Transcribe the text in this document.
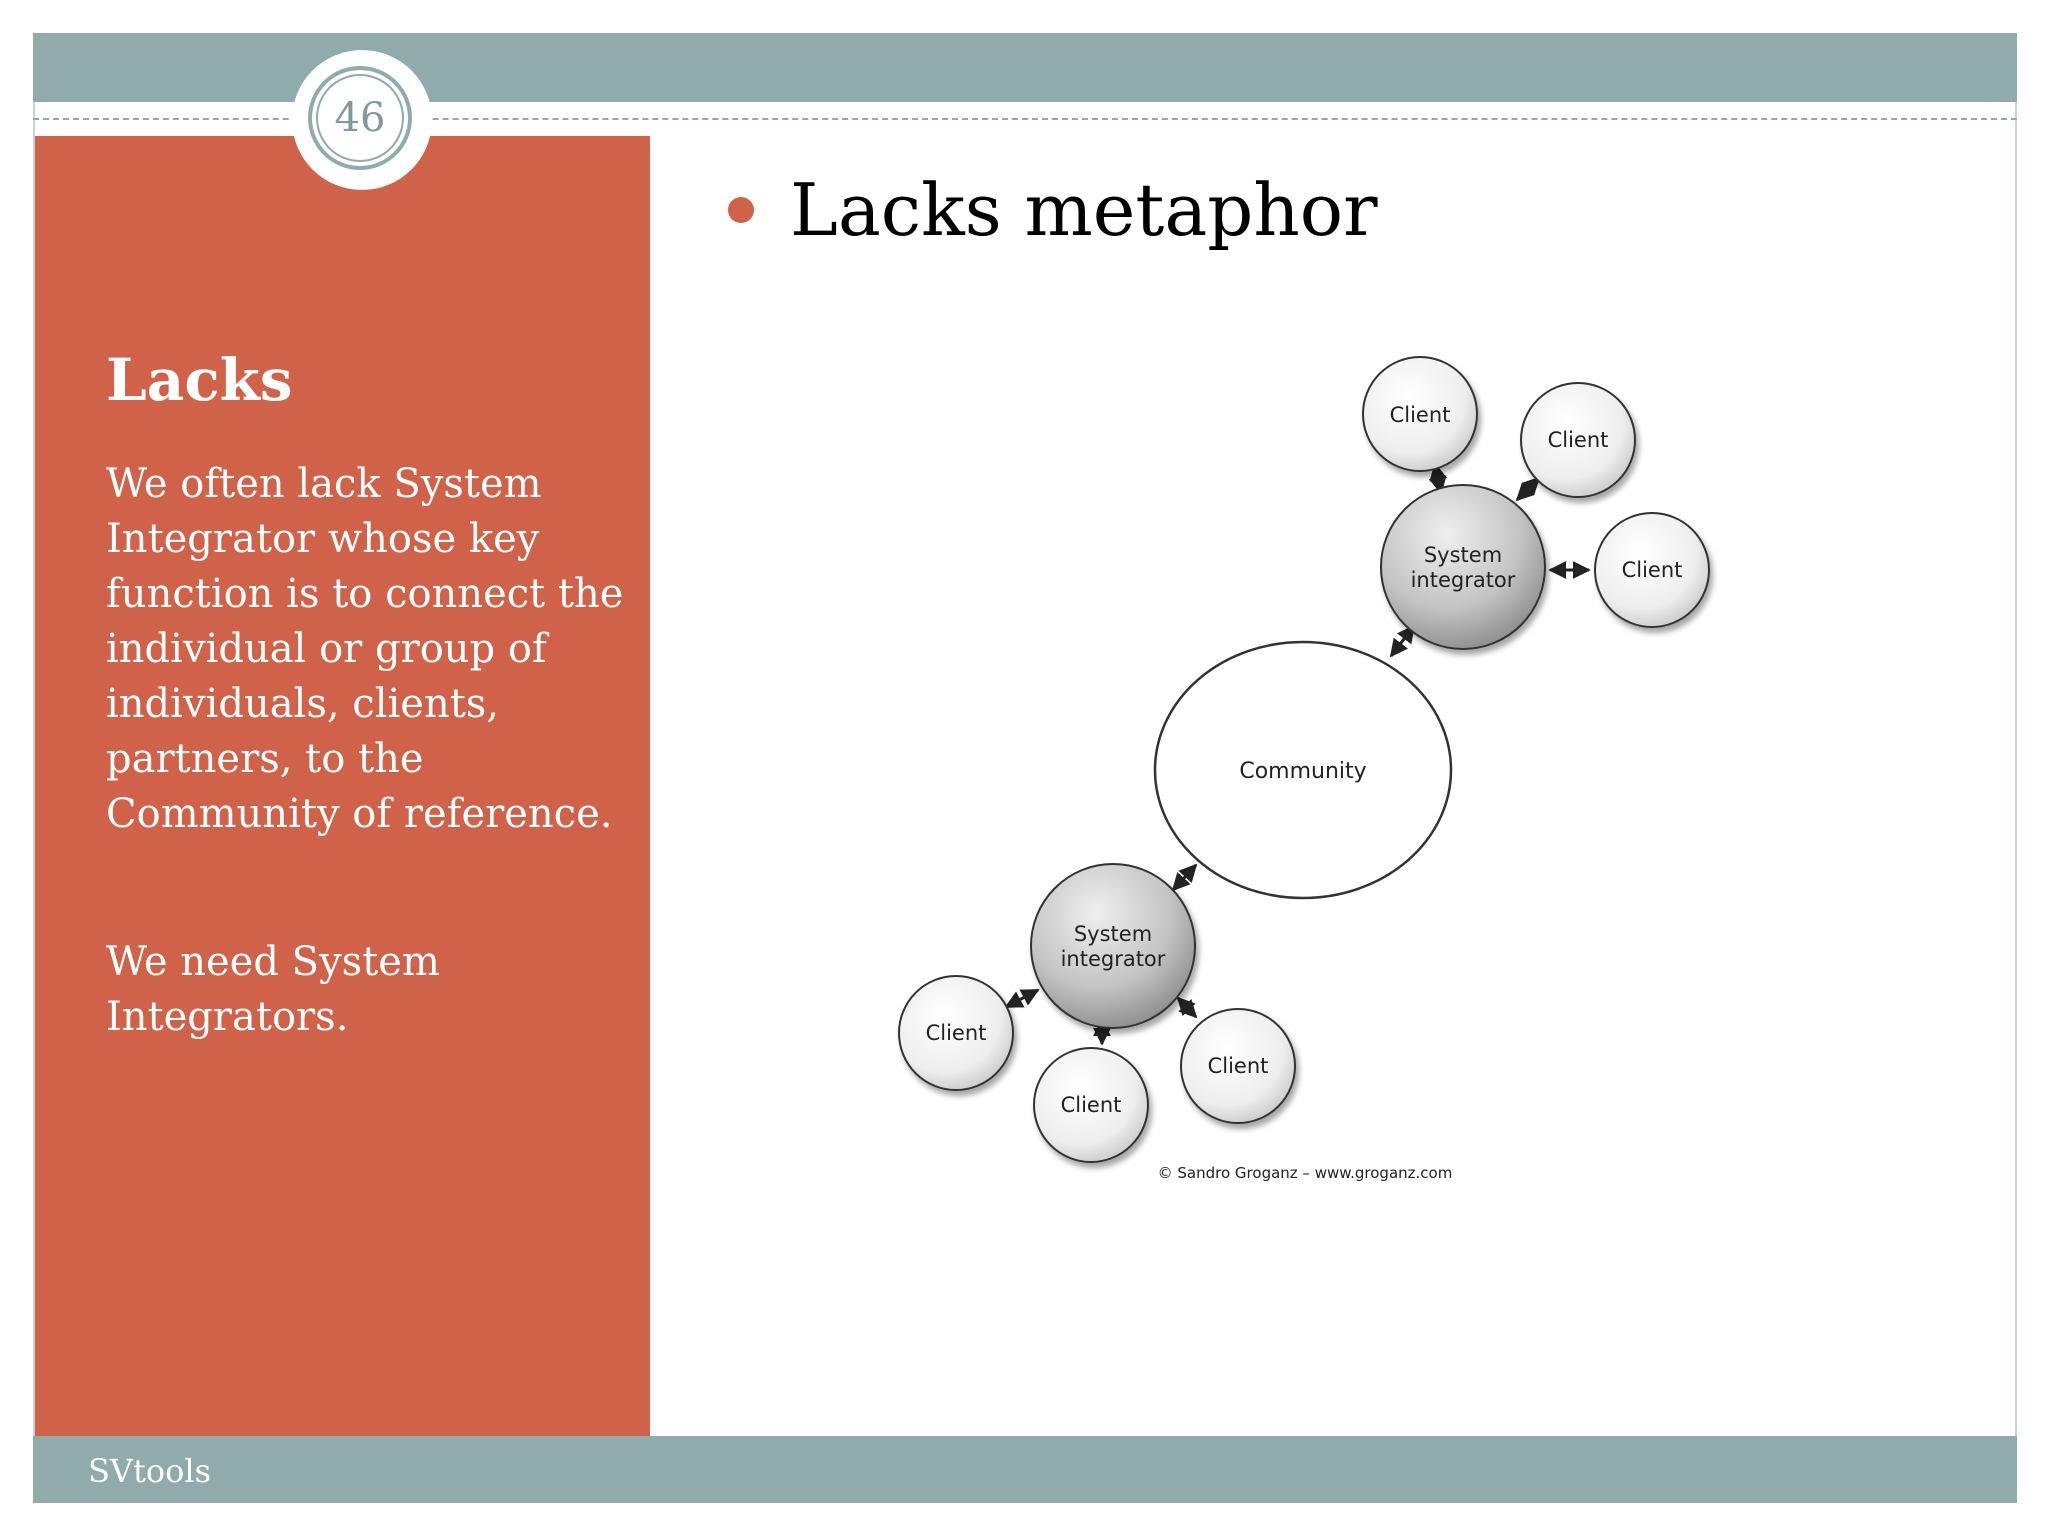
SVtools
46
Lacks

We often lack System Integrator whose key function is to connect the individual or group of individuals, clients, partners, to the Community of reference.

We need System Integrators.

Lacks metaphor
Community
System
integrator
System
integrator
Client
Client
Client
Client
Client
Client
© Sandro Groganz – www.groganz.com
